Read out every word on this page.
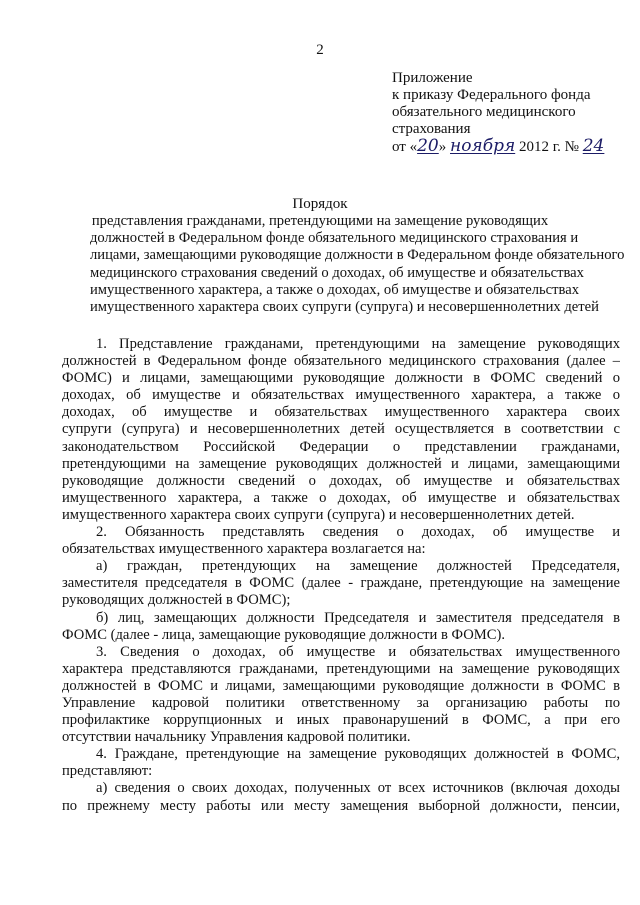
2
Приложение
к приказу Федерального фонда
обязательного медицинского
страхования
от «20» ноября 2012 г. № 24
Порядок
представления гражданами, претендующими на замещение руководящих
должностей в Федеральном фонде обязательного медицинского страхования и
лицами, замещающими руководящие должности в Федеральном фонде обязательного
медицинского страхования сведений о доходах, об имуществе и обязательствах
имущественного характера, а также о доходах, об имуществе и обязательствах
имущественного характера своих супруги (супруга) и несовершеннолетних детей
1. Представление гражданами, претендующими на замещение руководящих
должностей в Федеральном фонде обязательного медицинского страхования (далее –
ФОМС) и лицами, замещающими руководящие должности в ФОМС сведений о
доходах, об имуществе и обязательствах имущественного характера, а также о
доходах, об имуществе и обязательствах имущественного характера своих
супруги (супруга) и несовершеннолетних детей осуществляется в соответствии с
законодательством Российской Федерации о представлении гражданами,
претендующими на замещение руководящих должностей и лицами, замещающими
руководящие должности сведений о доходах, об имуществе и обязательствах
имущественного характера, а также о доходах, об имуществе и обязательствах
имущественного характера своих супруги (супруга) и несовершеннолетних детей.
2. Обязанность представлять сведения о доходах, об имуществе и
обязательствах имущественного характера возлагается на:
а) граждан, претендующих на замещение должностей Председателя,
заместителя председателя в ФОМС (далее - граждане, претендующие на замещение
руководящих должностей в ФОМС);
б) лиц, замещающих должности Председателя и заместителя председателя в
ФОМС (далее - лица, замещающие руководящие должности в ФОМС).
3. Сведения о доходах, об имуществе и обязательствах имущественного
характера представляются гражданами, претендующими на замещение руководящих
должностей в ФОМС и лицами, замещающими руководящие должности в ФОМС в
Управление кадровой политики ответственному за организацию работы по
профилактике коррупционных и иных правонарушений в ФОМС, а при его
отсутствии начальнику Управления кадровой политики.
4. Граждане, претендующие на замещение руководящих должностей в ФОМС,
представляют:
а) сведения о своих доходах, полученных от всех источников (включая доходы
по прежнему месту работы или месту замещения выборной должности, пенсии,
